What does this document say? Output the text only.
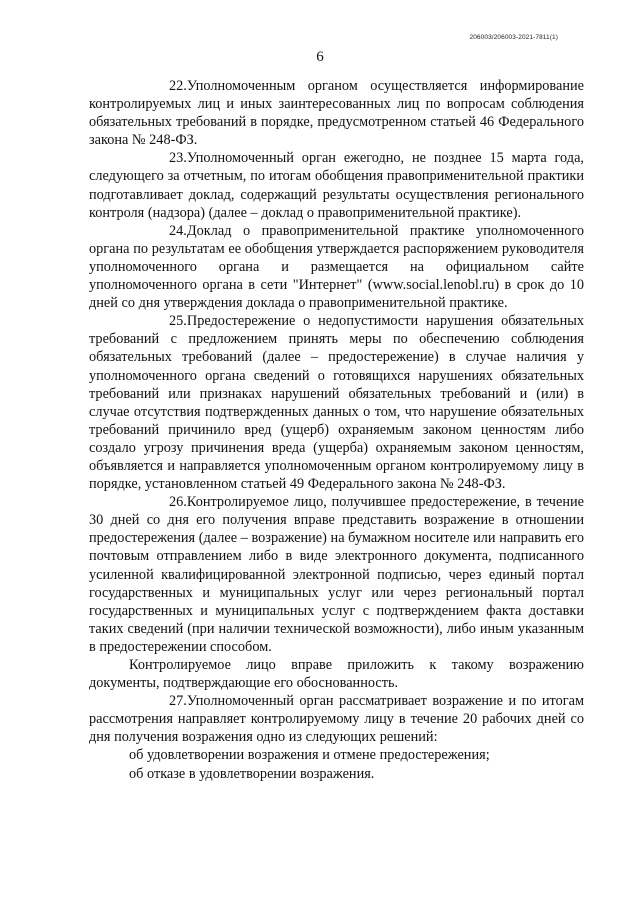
206003/206003-2021-7811(1)
6

22.Уполномоченным органом осуществляется информирование контролируемых лиц и иных заинтересованных лиц по вопросам соблюдения обязательных требований в порядке, предусмотренном статьей 46 Федерального закона № 248-ФЗ.

23.Уполномоченный орган ежегодно, не позднее 15 марта года, следующего за отчетным, по итогам обобщения правоприменительной практики подготавливает доклад, содержащий результаты осуществления регионального контроля (надзора) (далее – доклад о правоприменительной практике).

24.Доклад о правоприменительной практике уполномоченного органа по результатам ее обобщения утверждается распоряжением руководителя уполномоченного органа и размещается на официальном сайте уполномоченного органа в сети "Интернет" (www.social.lenobl.ru) в срок до 10 дней со дня утверждения доклада о правоприменительной практике.

25.Предостережение о недопустимости нарушения обязательных требований с предложением принять меры по обеспечению соблюдения обязательных требований (далее – предостережение) в случае наличия у уполномоченного органа сведений о готовящихся нарушениях обязательных требований или признаках нарушений обязательных требований и (или) в случае отсутствия подтвержденных данных о том, что нарушение обязательных требований причинило вред (ущерб) охраняемым законом ценностям либо создало угрозу причинения вреда (ущерба) охраняемым законом ценностям, объявляется и направляется уполномоченным органом контролируемому лицу в порядке, установленном статьей 49 Федерального закона № 248-ФЗ.

26.Контролируемое лицо, получившее предостережение, в течение 30 дней со дня его получения вправе представить возражение в отношении предостережения (далее – возражение) на бумажном носителе или направить его почтовым отправлением либо в виде электронного документа, подписанного усиленной квалифицированной электронной подписью, через единый портал государственных и муниципальных услуг или через региональный портал государственных и муниципальных услуг с подтверждением факта доставки таких сведений (при наличии технической возможности), либо иным указанным в предостережении способом.

Контролируемое лицо вправе приложить к такому возражению документы, подтверждающие его обоснованность.

27.Уполномоченный орган рассматривает возражение и по итогам рассмотрения направляет контролируемому лицу в течение 20 рабочих дней со дня получения возражения одно из следующих решений:

об удовлетворении возражения и отмене предостережения;

об отказе в удовлетворении возражения.
